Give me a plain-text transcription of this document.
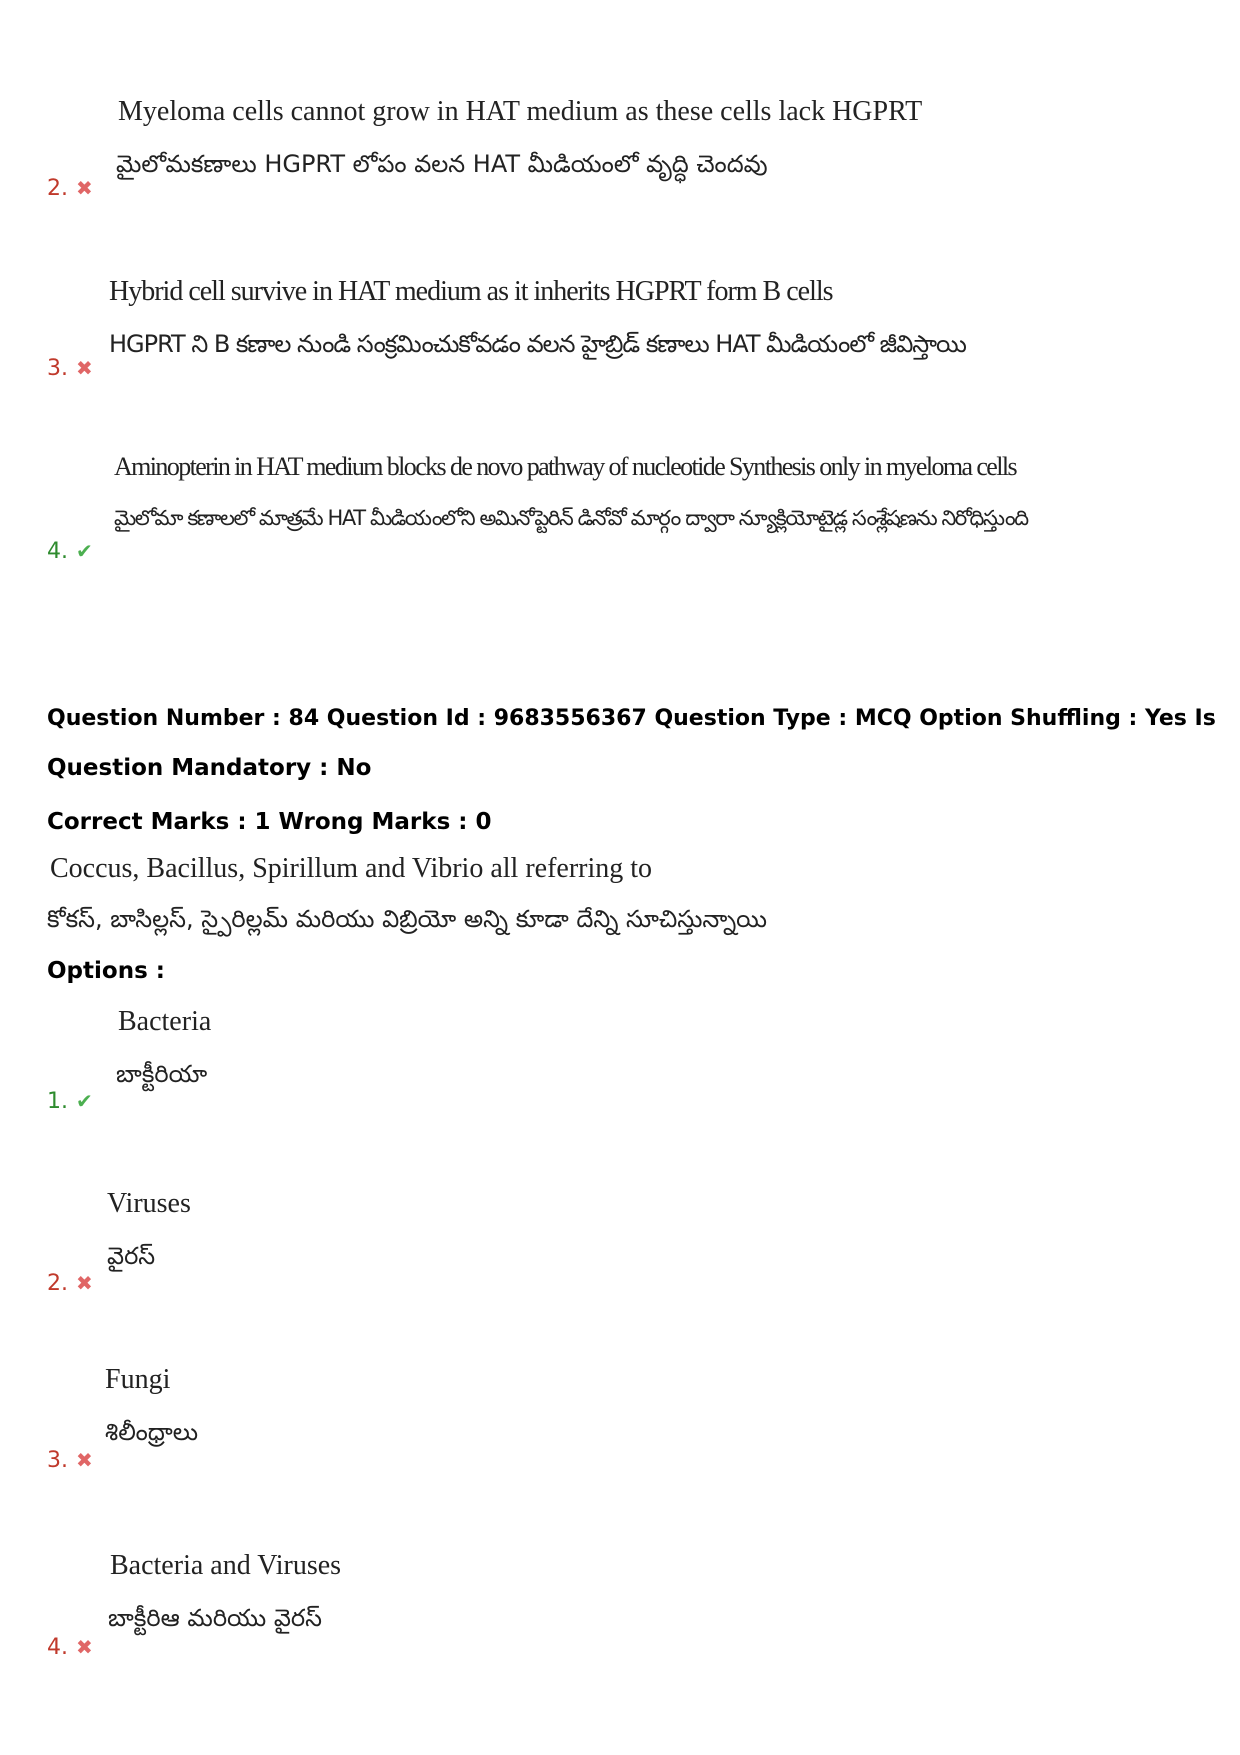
Myeloma cells cannot grow in HAT medium as these cells lack HGPRT
మైలోమకణాలు HGPRT లోపం వలన HAT మీడియంలో వృద్ధి చెందవు
2. ✖
Hybrid cell survive in HAT medium as it inherits HGPRT form B cells
HGPRT ని B కణాల నుండి సంక్రమించుకోవడం వలన హైబ్రిడ్ కణాలు HAT మీడియంలో జీవిస్తాయి
3. ✖
Aminopterin in HAT medium blocks de novo pathway of nucleotide Synthesis only in myeloma cells
మైలోమా కణాలలో మాత్రమే HAT మీడియంలోని అమినోప్టెరిన్ డినోవో మార్గం ద్వారా న్యూక్లియోటైడ్ల సంశ్లేషణను నిరోధిస్తుంది
4. ✔
Question Number : 84 Question Id : 9683556367 Question Type : MCQ Option Shuffling : Yes Is
Question Mandatory : No
Correct Marks : 1 Wrong Marks : 0
Coccus, Bacillus, Spirillum and Vibrio all referring to
కోకస్, బాసిల్లస్, స్పైరిల్లమ్ మరియు విబ్రియో అన్ని కూడా దేన్ని సూచిస్తున్నాయి
Options :
Bacteria
బాక్టీరియా
1. ✔
Viruses
వైరస్
2. ✖
Fungi
శిలీంధ్రాలు
3. ✖
Bacteria and Viruses
బాక్టీరిఆ మరియు వైరస్
4. ✖
